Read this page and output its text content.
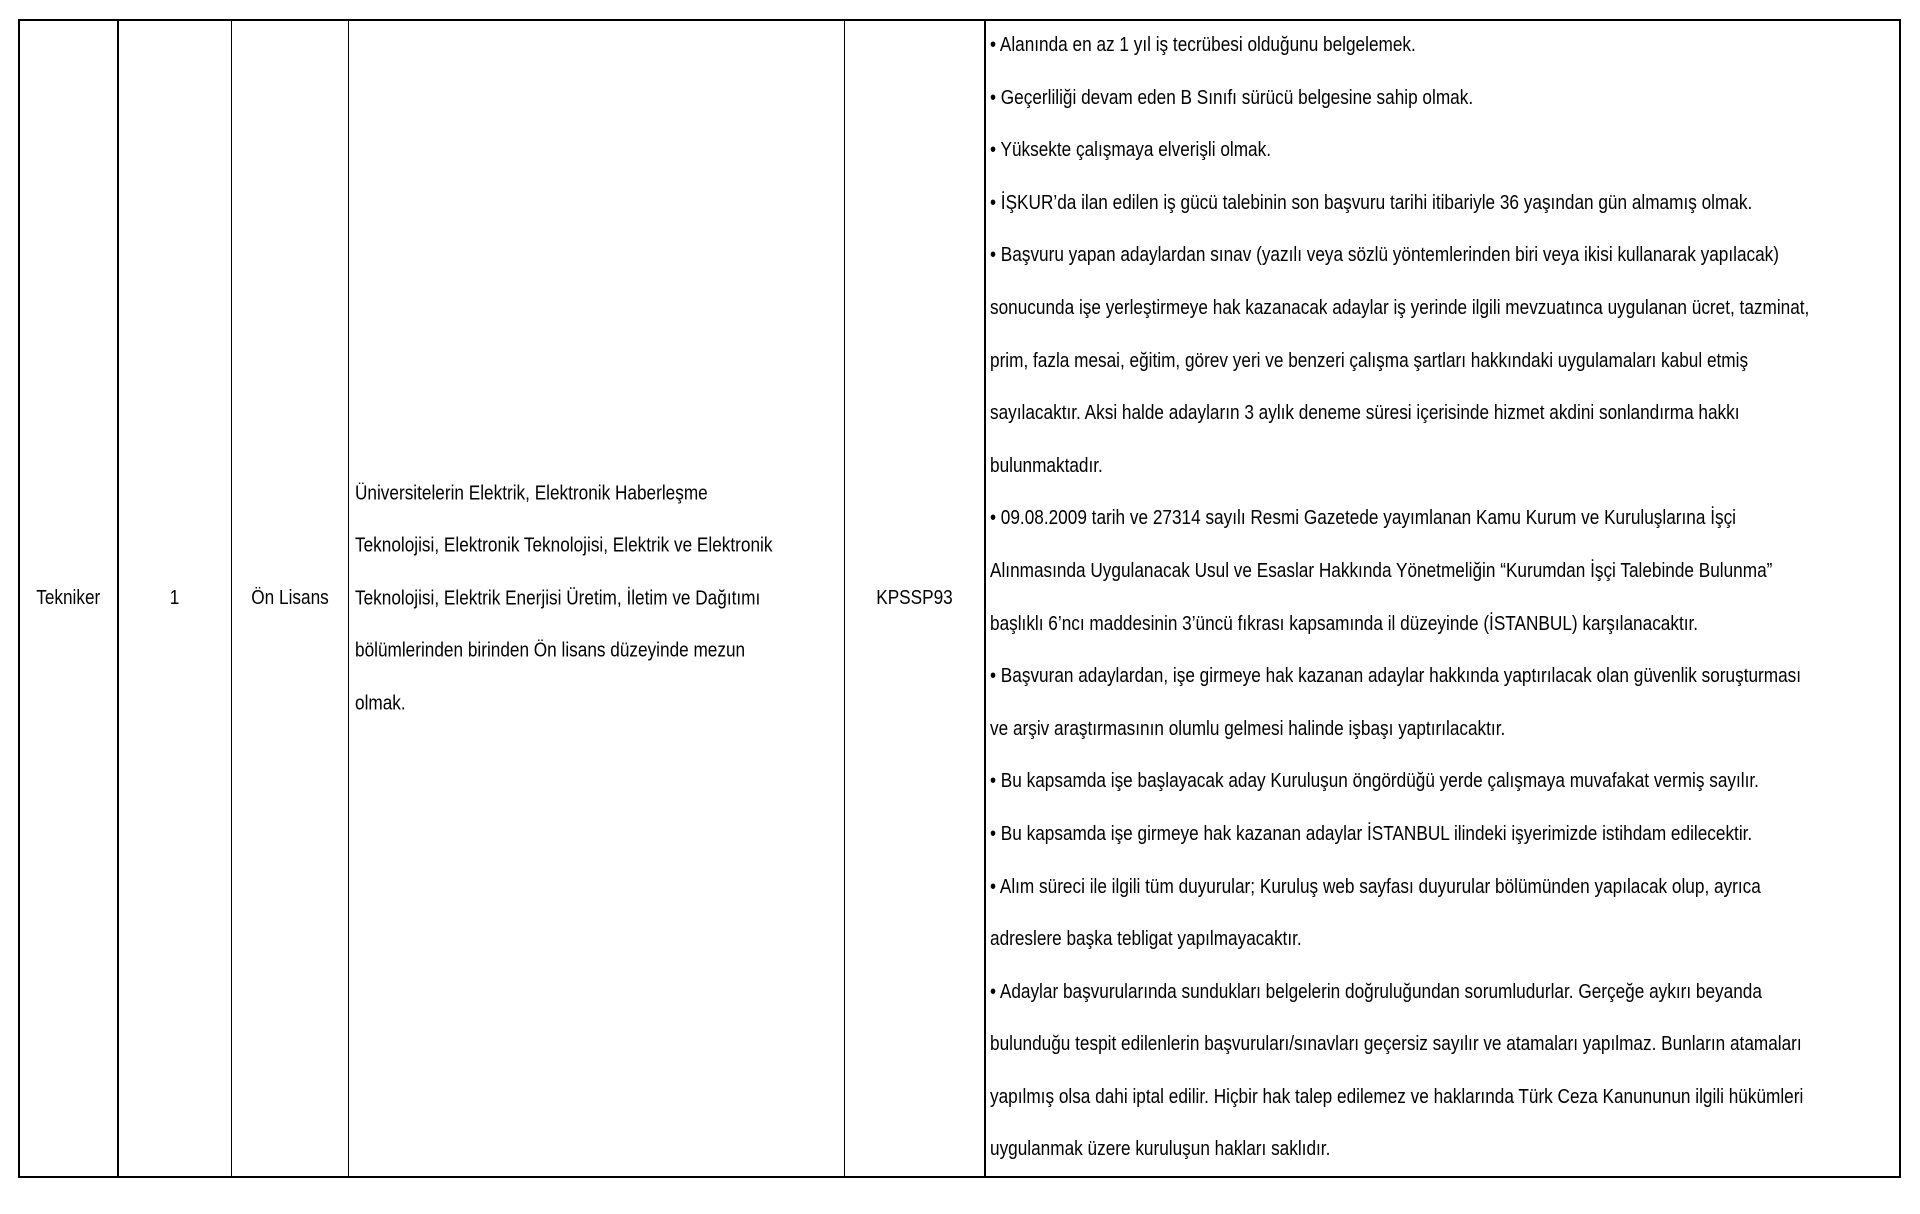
Tekniker	1	Ön Lisans
Üniversitelerin Elektrik, Elektronik Haberleşme
Teknolojisi, Elektronik Teknolojisi, Elektrik ve Elektronik
Teknolojisi, Elektrik Enerjisi Üretim, İletim ve Dağıtımı
bölümlerinden birinden Ön lisans düzeyinde mezun
olmak.
KPSSP93
• Alanında en az 1 yıl iş tecrübesi olduğunu belgelemek.
• Geçerliliği devam eden B Sınıfı sürücü belgesine sahip olmak.
• Yüksekte çalışmaya elverişli olmak.
• İŞKUR’da ilan edilen iş gücü talebinin son başvuru tarihi itibariyle 36 yaşından gün almamış olmak.
• Başvuru yapan adaylardan sınav (yazılı veya sözlü yöntemlerinden biri veya ikisi kullanarak yapılacak)
sonucunda işe yerleştirmeye hak kazanacak adaylar iş yerinde ilgili mevzuatınca uygulanan ücret, tazminat,
prim, fazla mesai, eğitim, görev yeri ve benzeri çalışma şartları hakkındaki uygulamaları kabul etmiş
sayılacaktır. Aksi halde adayların 3 aylık deneme süresi içerisinde hizmet akdini sonlandırma hakkı
bulunmaktadır.
• 09.08.2009 tarih ve 27314 sayılı Resmi Gazetede yayımlanan Kamu Kurum ve Kuruluşlarına İşçi
Alınmasında Uygulanacak Usul ve Esaslar Hakkında Yönetmeliğin “Kurumdan İşçi Talebinde Bulunma”
başlıklı 6’ncı maddesinin 3’üncü fıkrası kapsamında il düzeyinde (İSTANBUL) karşılanacaktır.
• Başvuran adaylardan, işe girmeye hak kazanan adaylar hakkında yaptırılacak olan güvenlik soruşturması
ve arşiv araştırmasının olumlu gelmesi halinde işbaşı yaptırılacaktır.
• Bu kapsamda işe başlayacak aday Kuruluşun öngördüğü yerde çalışmaya muvafakat vermiş sayılır.
• Bu kapsamda işe girmeye hak kazanan adaylar İSTANBUL ilindeki işyerimizde istihdam edilecektir.
• Alım süreci ile ilgili tüm duyurular; Kuruluş web sayfası duyurular bölümünden yapılacak olup, ayrıca
adreslere başka tebligat yapılmayacaktır.
• Adaylar başvurularında sundukları belgelerin doğruluğundan sorumludurlar. Gerçeğe aykırı beyanda
bulunduğu tespit edilenlerin başvuruları/sınavları geçersiz sayılır ve atamaları yapılmaz. Bunların atamaları
yapılmış olsa dahi iptal edilir. Hiçbir hak talep edilemez ve haklarında Türk Ceza Kanununun ilgili hükümleri
uygulanmak üzere kuruluşun hakları saklıdır.
